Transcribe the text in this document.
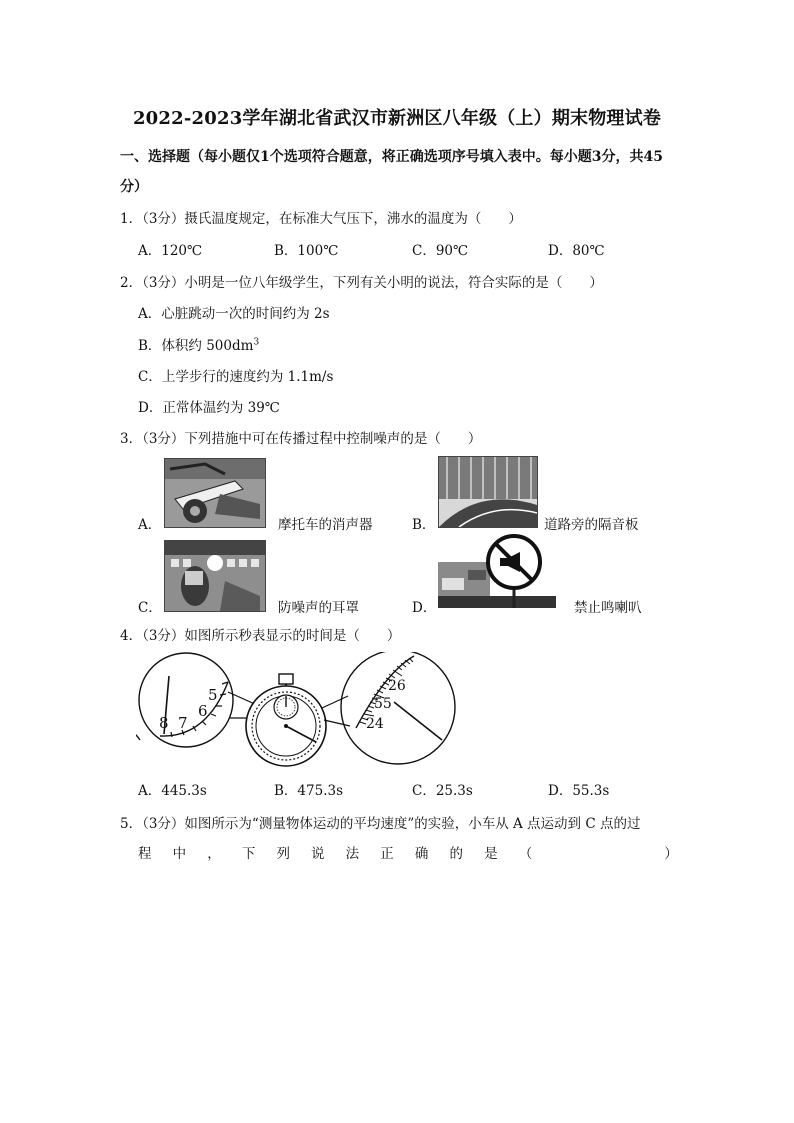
2022-2023学年湖北省武汉市新洲区八年级（上）期末物理试卷
一、选择题（每小题仅1个选项符合题意，将正确选项序号填入表中。每小题3分，共45
分）
1．（3分）摄氏温度规定，在标准大气压下，沸水的温度为（　　）
A．120℃	B．100℃	C．90℃	D．80℃
2．（3分）小明是一位八年级学生，下列有关小明的说法，符合实际的是（　　）
A．心脏跳动一次的时间约为 2s
B．体积约 $500dm^3$
C．上学步行的速度约为 1.1m/s
D．正常体温约为 39℃
3．（3分）下列措施中可在传播过程中控制噪声的是（　　）
A．	摩托车的消声器	B．	道路旁的隔音板
C．	防噪声的耳罩	D．	禁止鸣喇叭
4．（3分）如图所示秒表显示的时间是（　　）
5
6
7
8
26
55
24
A．445.3s	B．475.3s	C．25.3s	D．55.3s
5．（3分）如图所示为“测量物体运动的平均速度”的实验，小车从 A 点运动到 C 点的过
程 中 ， 下 列 说 法 正 确 的 是 （	）
